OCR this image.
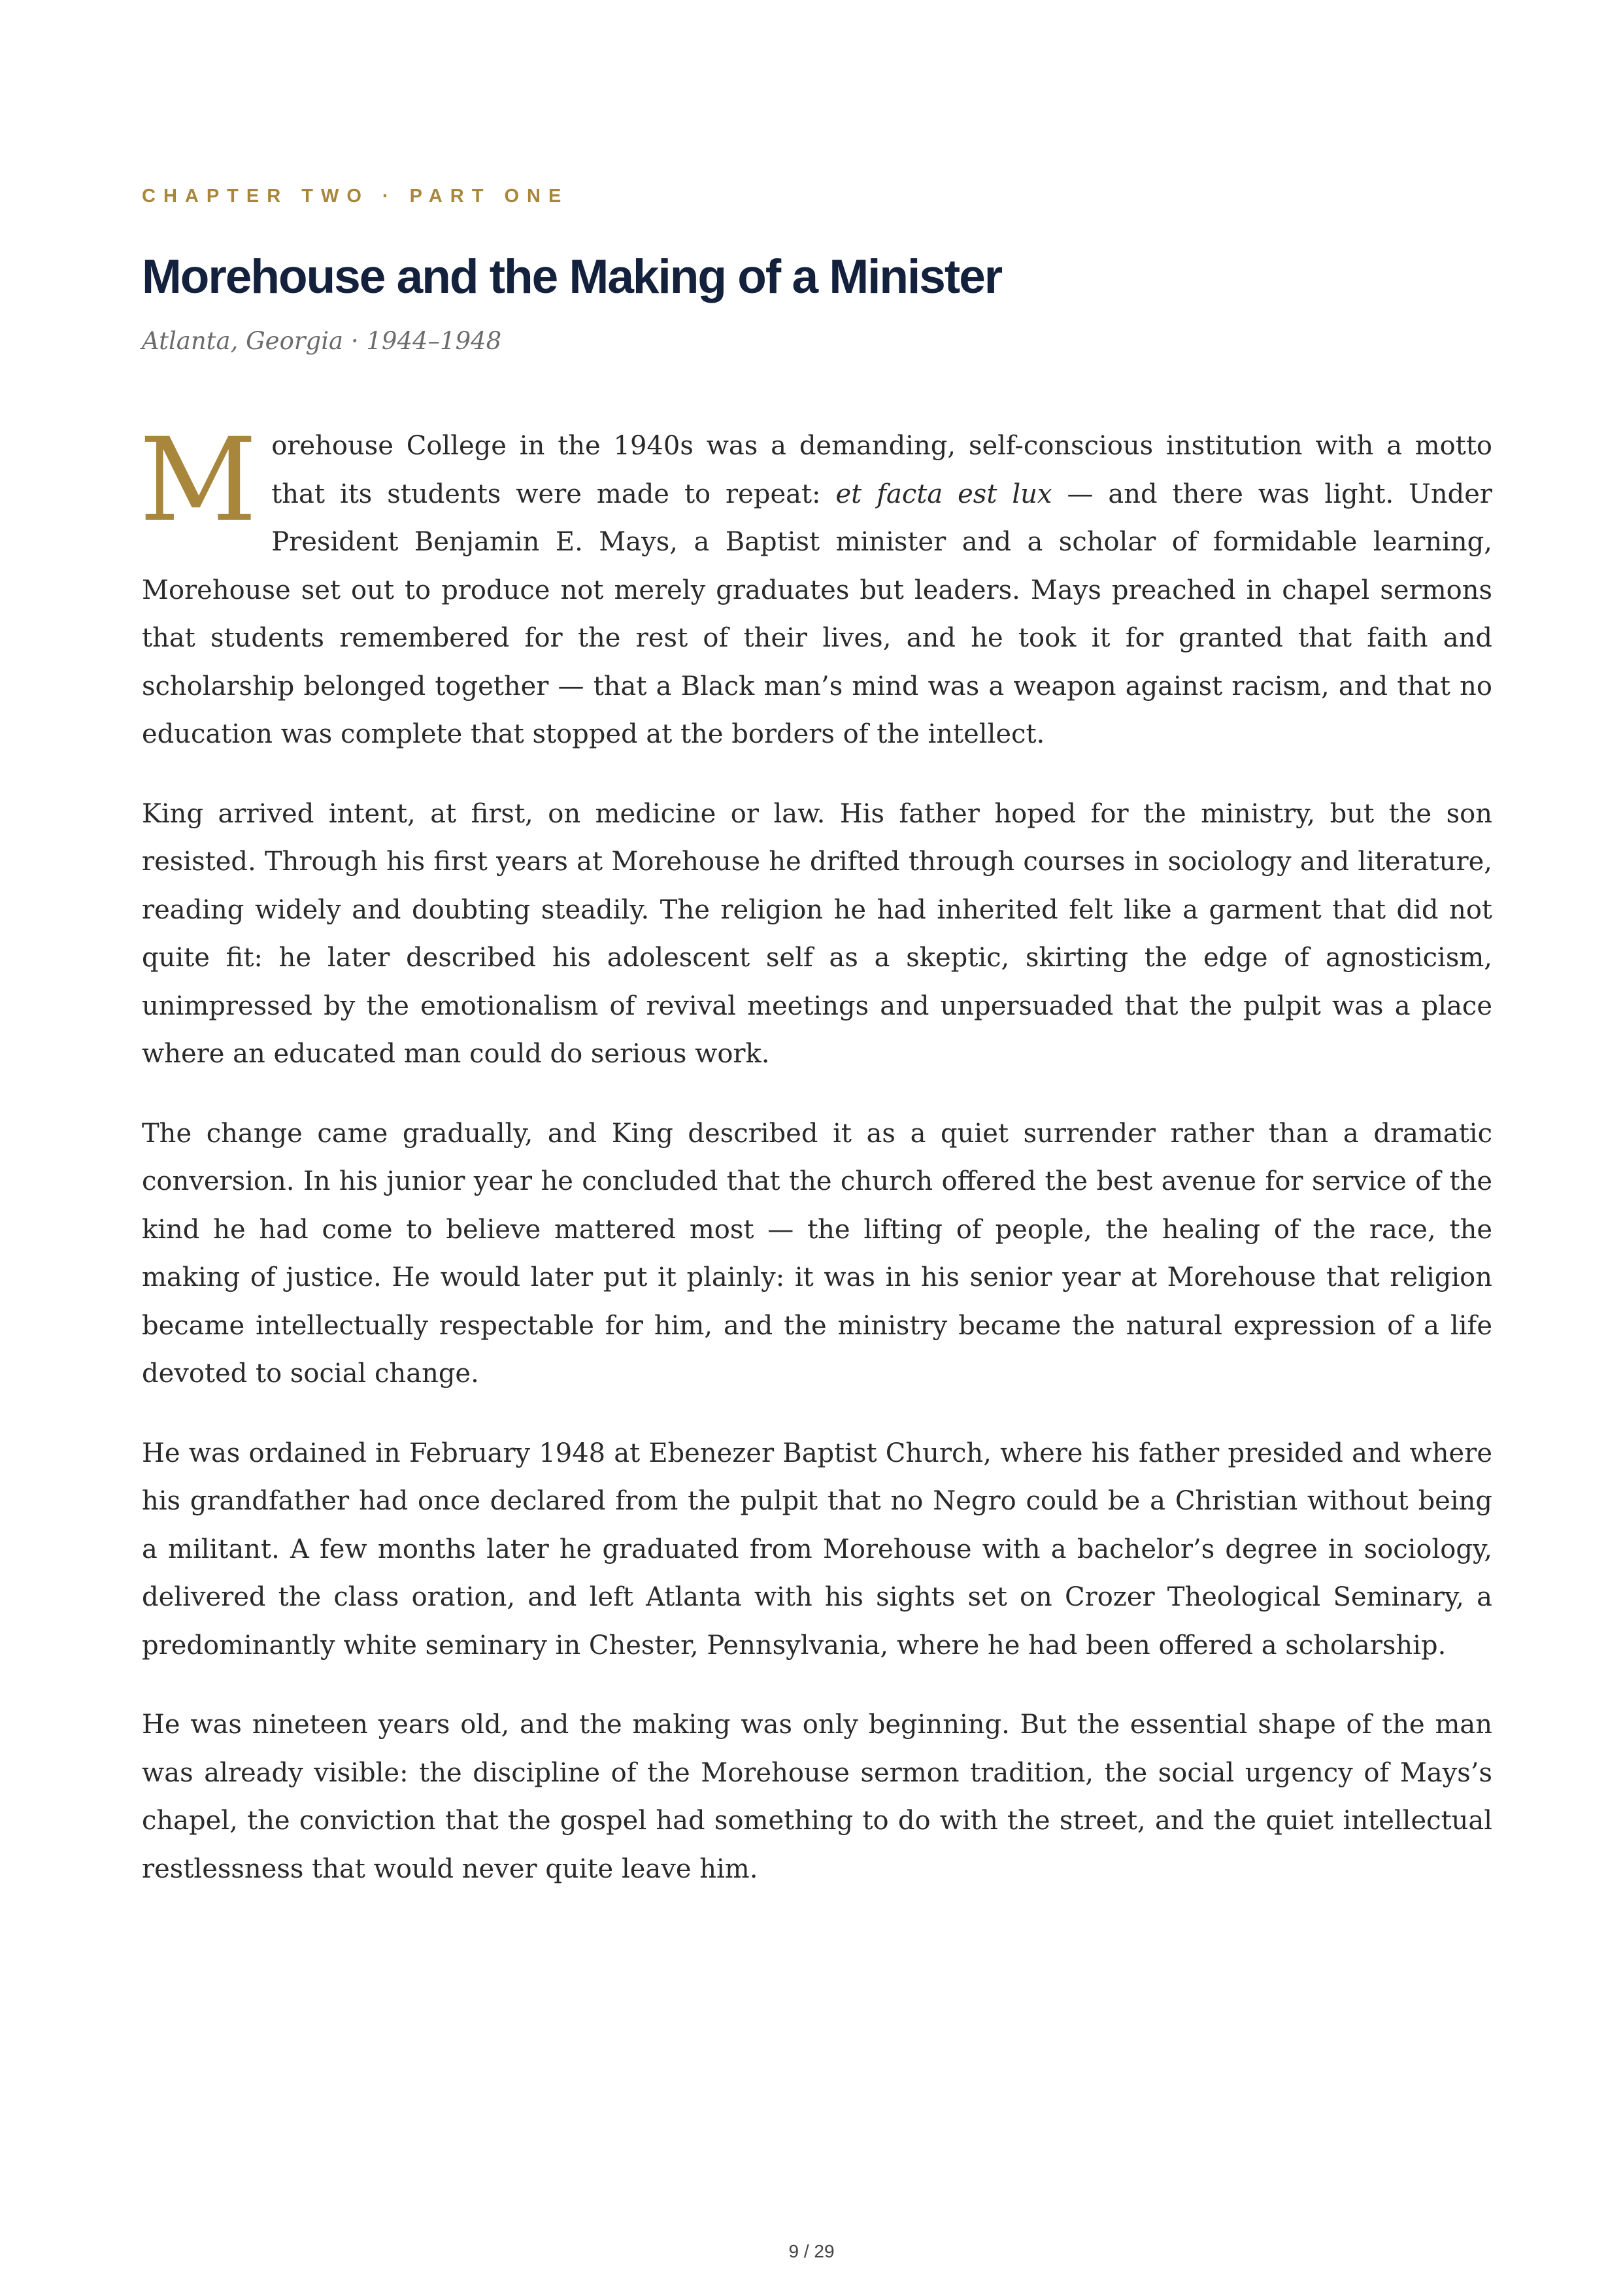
CHAPTER TWO · PART ONE
Morehouse and the Making of a Minister
Atlanta, Georgia · 1944–1948

Morehouse College in the 1940s was a demanding, self-conscious institution with a motto that its students were made to repeat: et facta est lux — and there was light. Under President Benjamin E. Mays, a Baptist minister and a scholar of formidable learning, Morehouse set out to produce not merely graduates but leaders. Mays preached in chapel sermons that students remembered for the rest of their lives, and he took it for granted that faith and scholarship belonged together — that a Black man’s mind was a weapon against racism, and that no education was complete that stopped at the borders of the intellect.

King arrived intent, at first, on medicine or law. His father hoped for the ministry, but the son resisted. Through his first years at Morehouse he drifted through courses in sociology and literature, reading widely and doubting steadily. The religion he had inherited felt like a garment that did not quite fit: he later described his adolescent self as a skeptic, skirting the edge of agnosticism, unimpressed by the emotionalism of revival meetings and unpersuaded that the pulpit was a place where an educated man could do serious work.

The change came gradually, and King described it as a quiet surrender rather than a dramatic conversion. In his junior year he concluded that the church offered the best avenue for service of the kind he had come to believe mattered most — the lifting of people, the healing of the race, the making of justice. He would later put it plainly: it was in his senior year at Morehouse that religion became intellectually respectable for him, and the ministry became the natural expression of a life devoted to social change.

He was ordained in February 1948 at Ebenezer Baptist Church, where his father presided and where his grandfather had once declared from the pulpit that no Negro could be a Christian without being a militant. A few months later he graduated from Morehouse with a bachelor’s degree in sociology, delivered the class oration, and left Atlanta with his sights set on Crozer Theological Seminary, a predominantly white seminary in Chester, Pennsylvania, where he had been offered a scholarship.

He was nineteen years old, and the making was only beginning. But the essential shape of the man was already visible: the discipline of the Morehouse sermon tradition, the social urgency of Mays’s chapel, the conviction that the gospel had something to do with the street, and the quiet intellectual restlessness that would never quite leave him.

9 / 29
